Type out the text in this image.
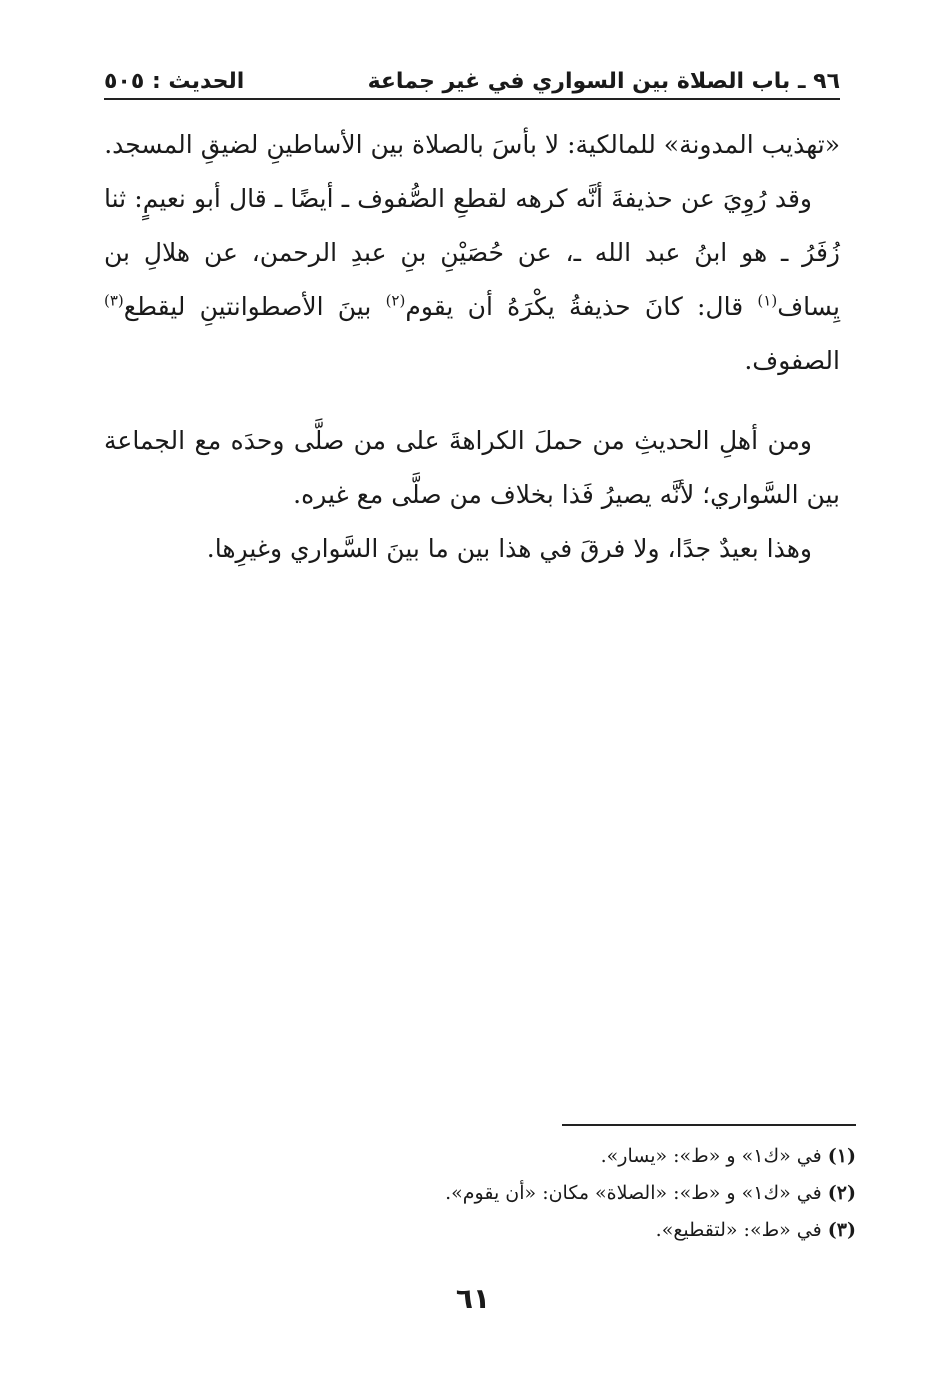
٩٦ ـ باب الصلاة بين السواري في غير جماعة
الحديث : ٥٠٥

«تهذيب المدونة» للمالكية: لا بأسَ بالصلاة بين الأساطينِ لضيقِ المسجد.

وقد رُوِيَ عن حذيفةَ أنَّه كرهه لقطعِ الصُّفوف ـ أيضًا ـ قال أبو نعيمٍ: ثنا زُفَرُ ـ هو ابنُ عبد الله ـ، عن حُصَيْنِ بنِ عبدِ الرحمن، عن هلالِ بن يِساف$^{(١)}$ قال: كانَ حذيفةُ يكْرَهُ أن يقوم$^{(٢)}$ بينَ الأصطوانتينِ ليقطع$^{(٣)}$ الصفوف.

ومن أهلِ الحديثِ من حملَ الكراهةَ على من صلَّى وحدَه مع الجماعة بين السَّواري؛ لأنَّه يصيرُ فَذا بخلاف من صلَّى مع غيره.

وهذا بعيدٌ جدًا، ولا فرقَ في هذا بين ما بينَ السَّواري وغيرِها.

(١) في «ك١» و «ط»: «يسار».

(٢) في «ك١» و «ط»: «الصلاة» مكان: «أن يقوم».

(٣) في «ط»: «لتقطيع».

٦١
